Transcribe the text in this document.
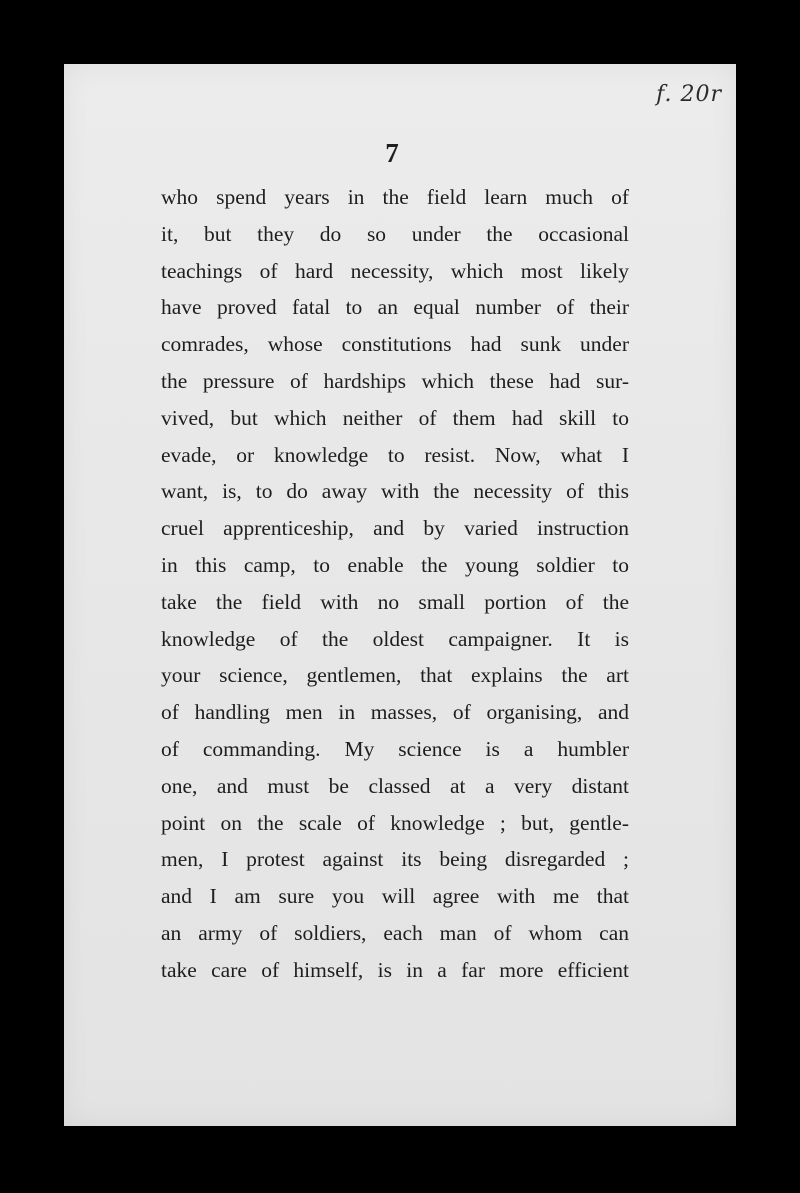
f. 20r
7
who spend years in the field learn much of
it, but they do so under the occasional
teachings of hard necessity, which most likely
have proved fatal to an equal number of their
comrades, whose constitutions had sunk under
the pressure of hardships which these had sur-
vived, but which neither of them had skill to
evade, or knowledge to resist. Now, what I
want, is, to do away with the necessity of this
cruel apprenticeship, and by varied instruction
in this camp, to enable the young soldier to
take the field with no small portion of the
knowledge of the oldest campaigner. It is
your science, gentlemen, that explains the art
of handling men in masses, of organising, and
of commanding. My science is a humbler
one, and must be classed at a very distant
point on the scale of knowledge ; but, gentle-
men, I protest against its being disregarded ;
and I am sure you will agree with me that
an army of soldiers, each man of whom can
take care of himself, is in a far more efficient
